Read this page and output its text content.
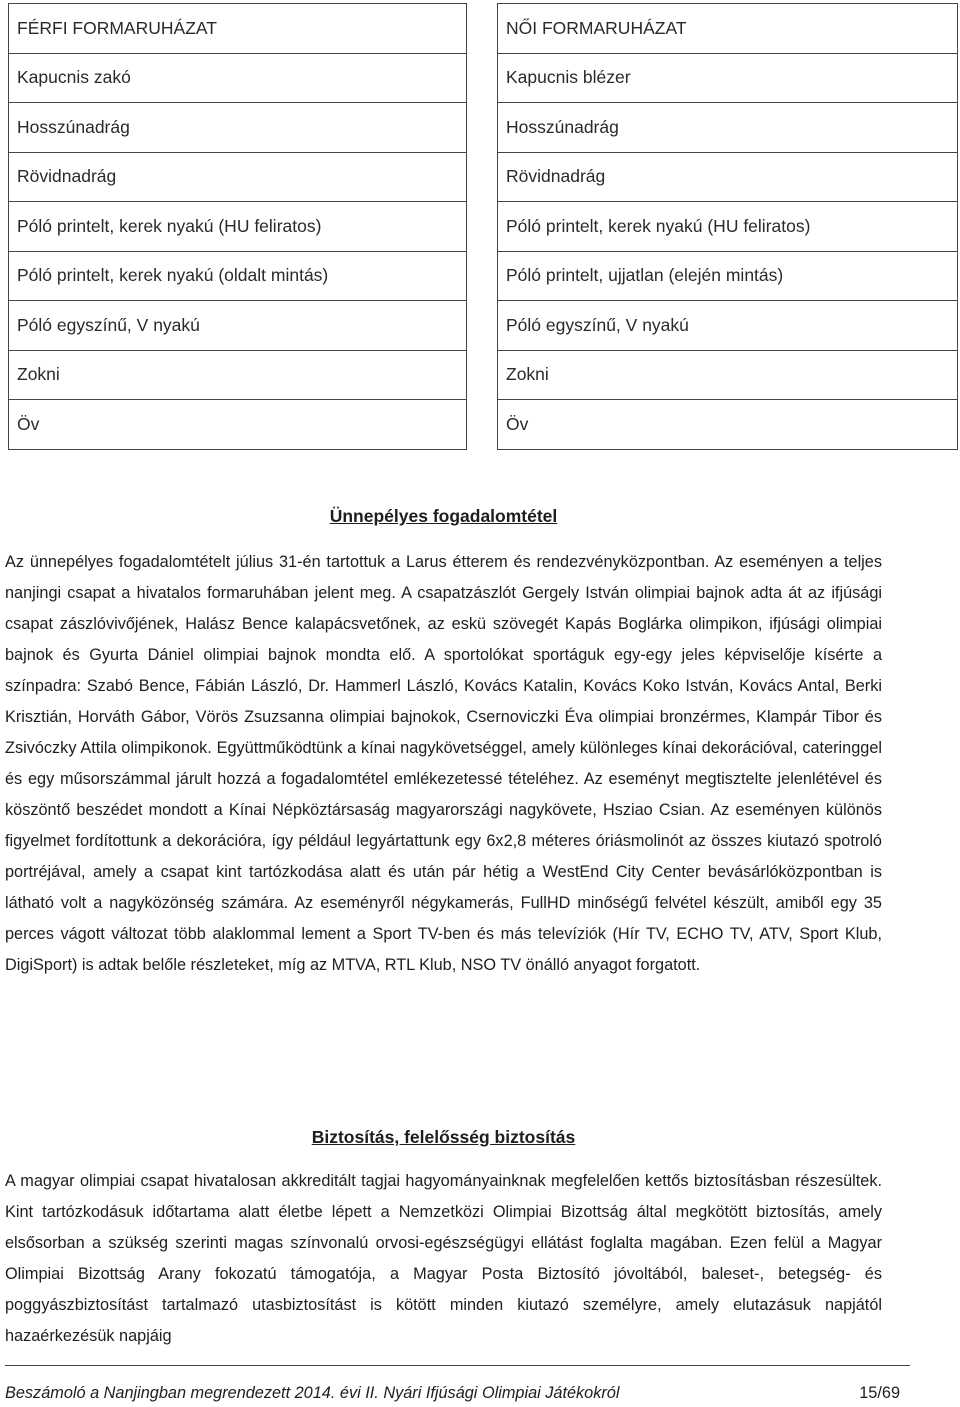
FÉRFI FORMARUHÁZAT
Kapucnis zakó
Hosszúnadrág
Rövidnadrág
Póló printelt, kerek nyakú (HU feliratos)
Póló printelt, kerek nyakú (oldalt mintás)
Póló egyszínű, V nyakú
Zokni
Öv
NŐI FORMARUHÁZAT
Kapucnis blézer
Hosszúnadrág
Rövidnadrág
Póló printelt, kerek nyakú (HU feliratos)
Póló printelt, ujjatlan (elején mintás)
Póló egyszínű, V nyakú
Zokni
Öv
Ünnepélyes fogadalomtétel

Az ünnepélyes fogadalomtételt július 31-én tartottuk a Larus étterem és rendezvényközpontban. Az eseményen a teljes nanjingi csapat a hivatalos formaruhában jelent meg. A csapatzászlót Gergely István olimpiai bajnok adta át az ifjúsági csapat zászlóvivőjének, Halász Bence kalapácsvetőnek, az eskü szövegét Kapás Boglárka olimpikon, ifjúsági olimpiai bajnok és Gyurta Dániel olimpiai bajnok mondta elő. A sportolókat sportáguk egy-egy jeles képviselője kísérte a színpadra: Szabó Bence, Fábián László, Dr. Hammerl László, Kovács Katalin, Kovács Koko István, Kovács Antal, Berki Krisztián, Horváth Gábor, Vörös Zsuzsanna olimpiai bajnokok, Csernoviczki Éva olimpiai bronzérmes, Klampár Tibor és Zsivóczky Attila olimpikonok. Együttműködtünk a kínai nagykövetséggel, amely különleges kínai dekorációval, cateringgel és egy műsorszámmal járult hozzá a fogadalomtétel emlékezetessé tételéhez. Az eseményt megtisztelte jelenlétével és köszöntő beszédet mondott a Kínai Népköztársaság magyarországi nagykövete, Hsziao Csian. Az eseményen különös figyelmet fordítottunk a dekorációra, így például legyártattunk egy 6x2,8 méteres óriásmolinót az összes kiutazó spotroló portréjával, amely a csapat kint tartózkodása alatt és után pár hétig a WestEnd City Center bevásárlóközpontban is látható volt a nagyközönség számára. Az eseményről négykamerás, FullHD minőségű felvétel készült, amiből egy 35 perces vágott változat több alaklommal lement a Sport TV-ben és más televíziók (Hír TV, ECHO TV, ATV, Sport Klub, DigiSport) is adtak belőle részleteket, míg az MTVA, RTL Klub, NSO TV önálló anyagot forgatott.

Biztosítás, felelősség biztosítás

A magyar olimpiai csapat hivatalosan akkreditált tagjai hagyományainknak megfelelően kettős biztosításban részesültek. Kint tartózkodásuk időtartama alatt életbe lépett a Nemzetközi Olimpiai Bizottság által megkötött biztosítás, amely elsősorban a szükség szerinti magas színvonalú orvosi-egészségügyi ellátást foglalta magában. Ezen felül a Magyar Olimpiai Bizottság Arany fokozatú támogatója, a Magyar Posta Biztosító jóvoltából, baleset-, betegség- és poggyászbiztosítást tartalmazó utasbiztosítást is kötött minden kiutazó személyre, amely elutazásuk napjától hazaérkezésük napjáig

Beszámoló a Nanjingban megrendezett 2014. évi II. Nyári Ifjúsági Olimpiai Játékokról	15/69
